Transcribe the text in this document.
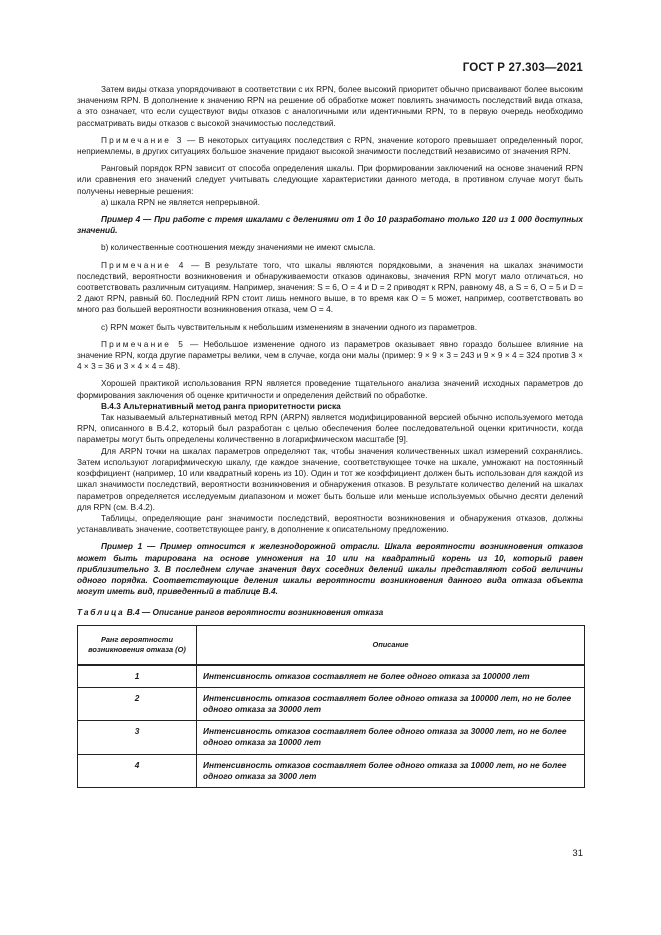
ГОСТ Р 27.303—2021

Затем виды отказа упорядочивают в соответствии с их RPN, более высокий приоритет обычно присваивают более высоким значениям RPN. В дополнение к значению RPN на решение об обработке может повлиять значимость последствий вида отказа, а это означает, что если существуют виды отказов с аналогичными или идентичными RPN, то в первую очередь необходимо рассматривать виды отказов с высокой значимостью последствий.

Примечание 3 — В некоторых ситуациях последствия с RPN, значение которого превышает определенный порог, неприемлемы, в других ситуациях большое значение придают высокой значимости последствий независимо от значения RPN.

Ранговый порядок RPN зависит от способа определения шкалы. При формировании заключений на основе значений RPN или сравнения его значений следует учитывать следующие характеристики данного метода, в противном случае могут быть получены неверные решения:

а) шкала RPN не является непрерывной.

Пример 4 — При работе с тремя шкалами с делениями от 1 до 10 разработано только 120 из 1 000 доступных значений.

b) количественные соотношения между значениями не имеют смысла.

Примечание 4 — В результате того, что шкалы являются порядковыми, а значения на шкалах значимости последствий, вероятности возникновения и обнаруживаемости отказов одинаковы, значения RPN могут мало отличаться, но соответствовать различным ситуациям. Например, значения: S = 6, O = 4 и D = 2 приводят к RPN, равному 48, а S = 6, O = 5 и D = 2 дают RPN, равный 60. Последний RPN стоит лишь немного выше, в то время как O = 5 может, например, соответствовать во много раз большей вероятности возникновения отказа, чем O = 4.

c) RPN может быть чувствительным к небольшим изменениям в значении одного из параметров.

Примечание 5 — Небольшое изменение одного из параметров оказывает явно гораздо большее влияние на значение RPN, когда другие параметры велики, чем в случае, когда они малы (пример: 9 × 9 × 3 = 243 и 9 × 9 × 4 = 324 против 3 × 4 × 3 = 36 и 3 × 4 × 4 = 48).

Хорошей практикой использования RPN является проведение тщательного анализа значений исходных параметров до формирования заключения об оценке критичности и определения действий по обработке.

В.4.3 Альтернативный метод ранга приоритетности риска

Так называемый альтернативный метод RPN (ARPN) является модифицированной версией обычно используемого метода RPN, описанного в В.4.2, который был разработан с целью обеспечения более последовательной оценки критичности, когда параметры могут быть определены количественно в логарифмическом масштабе [9].

Для ARPN точки на шкалах параметров определяют так, чтобы значения количественных шкал измерений сохранялись. Затем используют логарифмическую шкалу, где каждое значение, соответствующее точке на шкале, умножают на постоянный коэффициент (например, 10 или квадратный корень из 10). Один и тот же коэффициент должен быть использован для каждой из шкал значимости последствий, вероятности возникновения и обнаружения отказов. В результате количество делений на шкалах параметров определяется исследуемым диапазоном и может быть больше или меньше используемых обычно десяти делений для RPN (см. В.4.2).

Таблицы, определяющие ранг значимости последствий, вероятности возникновения и обнаружения отказов, должны устанавливать значение, соответствующее рангу, в дополнение к описательному предложению.

Пример 1 — Пример относится к железнодорожной отрасли. Шкала вероятности возникновения отказов может быть тарирована на основе умножения на 10 или на квадратный корень из 10, который равен приблизительно 3. В последнем случае значения двух соседних делений шкалы представляют собой величины одного порядка. Соответствующие деления шкалы вероятности возникновения данного вида отказа объекта могут иметь вид, приведенный в таблице В.4.

Таблица В.4 — Описание рангов вероятности возникновения отказа

Ранг вероятности возникновения отказа (О)	Описание
1	Интенсивность отказов составляет не более одного отказа за 100000 лет
2	Интенсивность отказов составляет более одного отказа за 100000 лет, но не более одного отказа за 30000 лет
3	Интенсивность отказов составляет более одного отказа за 30000 лет, но не более одного отказа за 10000 лет
4	Интенсивность отказов составляет более одного отказа за 10000 лет, но не более одного отказа за 3000 лет
31
